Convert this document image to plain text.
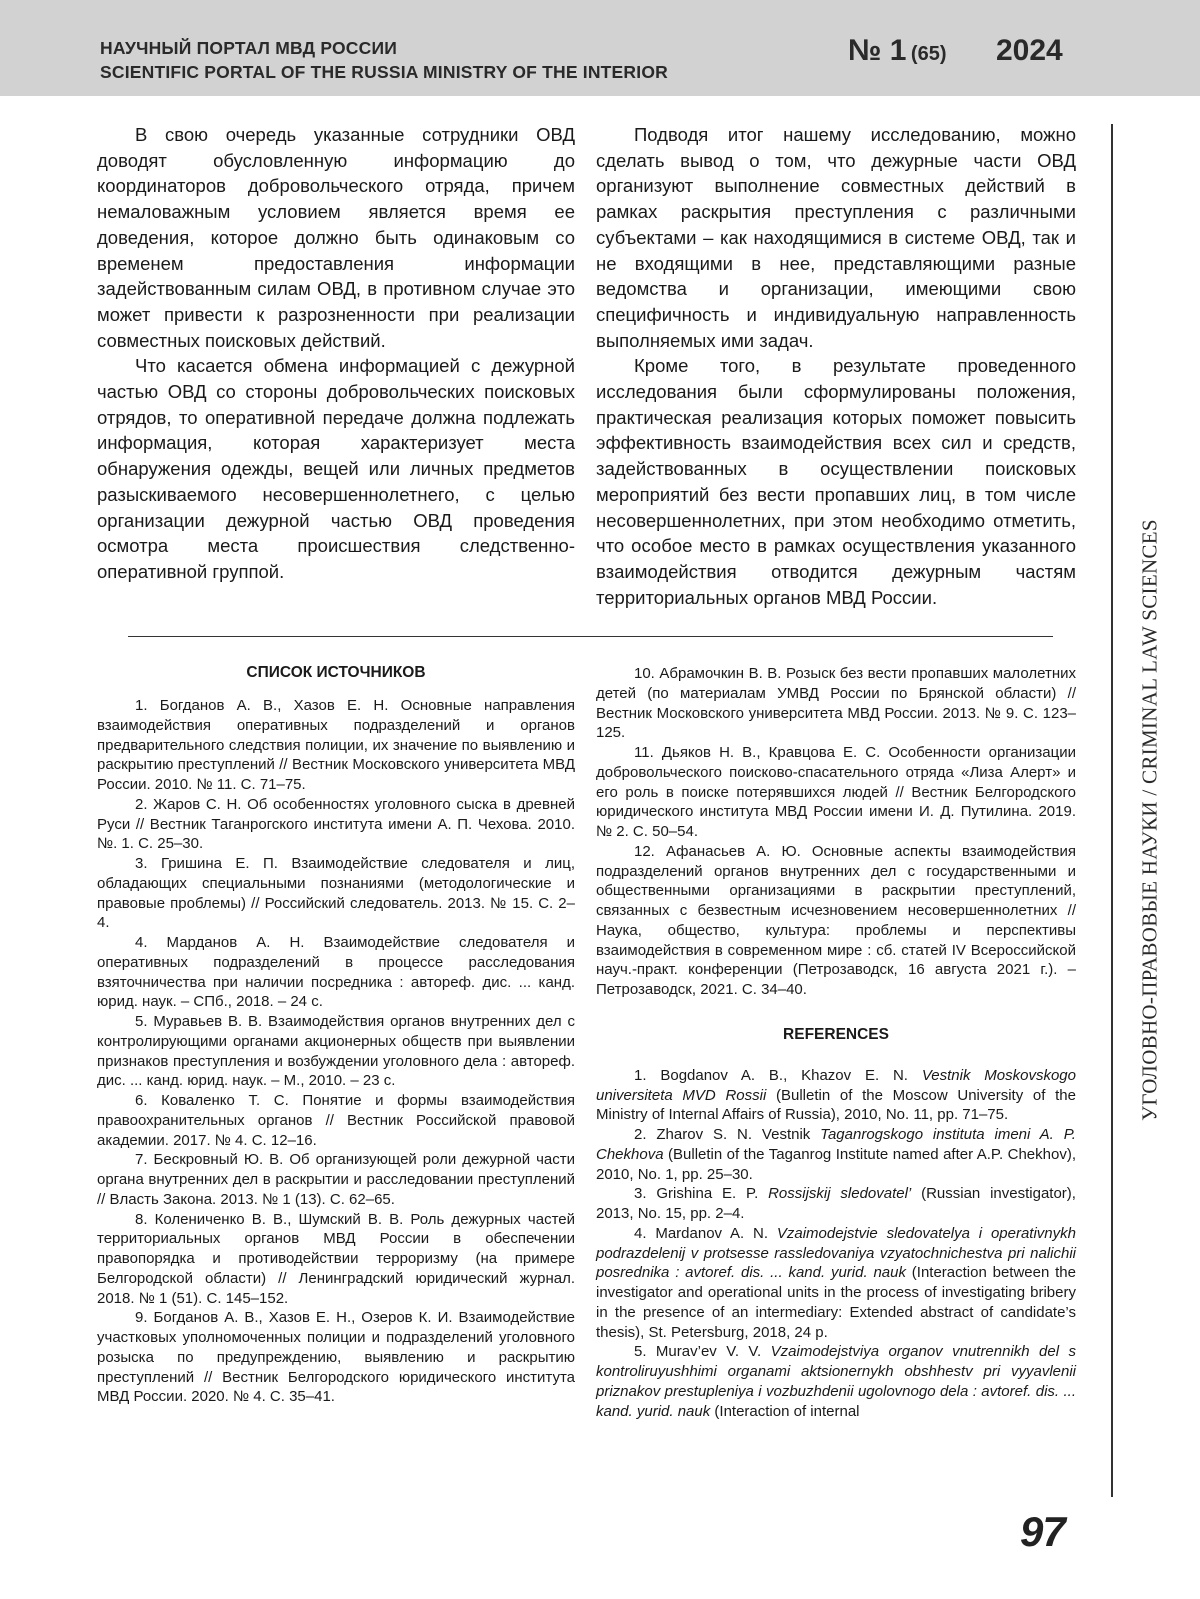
НАУЧНЫЙ ПОРТАЛ МВД РОССИИ
SCIENTIFIC PORTAL OF THE RUSSIA MINISTRY OF THE INTERIOR
№ 1 (65) 2024

В свою очередь указанные сотрудники ОВД доводят обусловленную информацию до координаторов добровольческого отряда, причем немаловажным условием является время ее доведения, которое должно быть одинаковым со временем предоставления информации задействованным силам ОВД, в противном случае это может привести к разрозненности при реализации совместных поисковых действий.

Что касается обмена информацией с дежурной частью ОВД со стороны добровольческих поисковых отрядов, то оперативной передаче должна подлежать информация, которая характеризует места обнаружения одежды, вещей или личных предметов разыскиваемого несовершеннолетнего, с целью организации дежурной частью ОВД проведения осмотра места происшествия следственно-оперативной группой.

Подводя итог нашему исследованию, можно сделать вывод о том, что дежурные части ОВД организуют выполнение совместных действий в рамках раскрытия преступления с различными субъектами – как находящимися в системе ОВД, так и не входящими в нее, представляющими разные ведомства и организации, имеющими свою специфичность и индивидуальную направленность выполняемых ими задач.

Кроме того, в результате проведенного исследования были сформулированы положения, практическая реализация которых поможет повысить эффективность взаимодействия всех сил и средств, задействованных в осуществлении поисковых мероприятий без вести пропавших лиц, в том числе несовершеннолетних, при этом необходимо отметить, что особое место в рамках осуществления указанного взаимодействия отводится дежурным частям территориальных органов МВД России.

СПИСОК ИСТОЧНИКОВ

1. Богданов А. В., Хазов Е. Н. Основные направления взаимодействия оперативных подразделений и органов предварительного следствия полиции, их значение по выявлению и раскрытию преступлений // Вестник Московского университета МВД России. 2010. № 11. С. 71–75.

2. Жаров С. Н. Об особенностях уголовного сыска в древней Руси // Вестник Таганрогского института имени А. П. Чехова. 2010. №. 1. С. 25–30.

3. Гришина Е. П. Взаимодействие следователя и лиц, обладающих специальными познаниями (методологические и правовые проблемы) // Российский следователь. 2013. № 15. С. 2–4.

4. Марданов А. Н. Взаимодействие следователя и оперативных подразделений в процессе расследования взяточничества при наличии посредника : автореф. дис. ... канд. юрид. наук. – СПб., 2018. – 24 с.

5. Муравьев В. В. Взаимодействия органов внутренних дел с контролирующими органами акционерных обществ при выявлении признаков преступления и возбуждении уголовного дела : автореф. дис. ... канд. юрид. наук. – М., 2010. – 23 с.

6. Коваленко Т. С. Понятие и формы взаимодействия правоохранительных органов // Вестник Российской правовой академии. 2017. № 4. С. 12–16.

7. Бескровный Ю. В. Об организующей роли дежурной части органа внутренних дел в раскрытии и расследовании преступлений // Власть Закона. 2013. № 1 (13). С. 62–65.

8. Колениченко В. В., Шумский В. В. Роль дежурных частей территориальных органов МВД России в обеспечении правопорядка и противодействии терроризму (на примере Белгородской области) // Ленинградский юридический журнал. 2018. № 1 (51). С. 145–152.

9. Богданов А. В., Хазов Е. Н., Озеров К. И. Взаимодействие участковых уполномоченных полиции и подразделений уголовного розыска по предупреждению, выявлению и раскрытию преступлений // Вестник Белгородского юридического института МВД России. 2020. № 4. С. 35–41.

10. Абрамочкин В. В. Розыск без вести пропавших малолетних детей (по материалам УМВД России по Брянской области) // Вестник Московского университета МВД России. 2013. № 9. С. 123–125.

11. Дьяков Н. В., Кравцова Е. С. Особенности организации добровольческого поисково-спасательного отряда «Лиза Алерт» и его роль в поиске потерявшихся людей // Вестник Белгородского юридического института МВД России имени И. Д. Путилина. 2019. № 2. С. 50–54.

12. Афанасьев А. Ю. Основные аспекты взаимодействия подразделений органов внутренних дел с государственными и общественными организациями в раскрытии преступлений, связанных с безвестным исчезновением несовершеннолетних // Наука, общество, культура: проблемы и перспективы взаимодействия в современном мире : сб. статей IV Всероссийской науч.-практ. конференции (Петрозаводск, 16 августа 2021 г.). – Петрозаводск, 2021. С. 34–40.

REFERENCES

1. Bogdanov A. B., Khazov E. N. Vestnik Moskovskogo universiteta MVD Rossii (Bulletin of the Moscow University of the Ministry of Internal Affairs of Russia), 2010, No. 11, pp. 71–75.

2. Zharov S. N. Vestnik Taganrogskogo instituta imeni A. P. Chekhova (Bulletin of the Taganrog Institute named after A.P. Chekhov), 2010, No. 1, pp. 25–30.

3. Grishina E. P. Rossijskij sledovatel’ (Russian investigator), 2013, No. 15, pp. 2–4.

4. Mardanov A. N. Vzaimodejstvie sledovatelya i operativnykh podrazdelenij v protsesse rassledovaniya vzyatochnichestva pri nalichii posrednika : avtoref. dis. ... kand. yurid. nauk (Interaction between the investigator and operational units in the process of investigating bribery in the presence of an intermediary: Extended abstract of candidate’s thesis), St. Petersburg, 2018, 24 p.

5. Murav’ev V. V. Vzaimodejstviya organov vnutrennikh del s kontroliruyushhimi organami aktsionernykh obshhestv pri vyyavlenii priznakov prestupleniya i vozbuzhdenii ugolovnogo dela : avtoref. dis. ... kand. yurid. nauk (Interaction of internal

УГОЛОВНО-ПРАВОВЫЕ НАУКИ / CRIMINAL LAW SCIENCES
97
